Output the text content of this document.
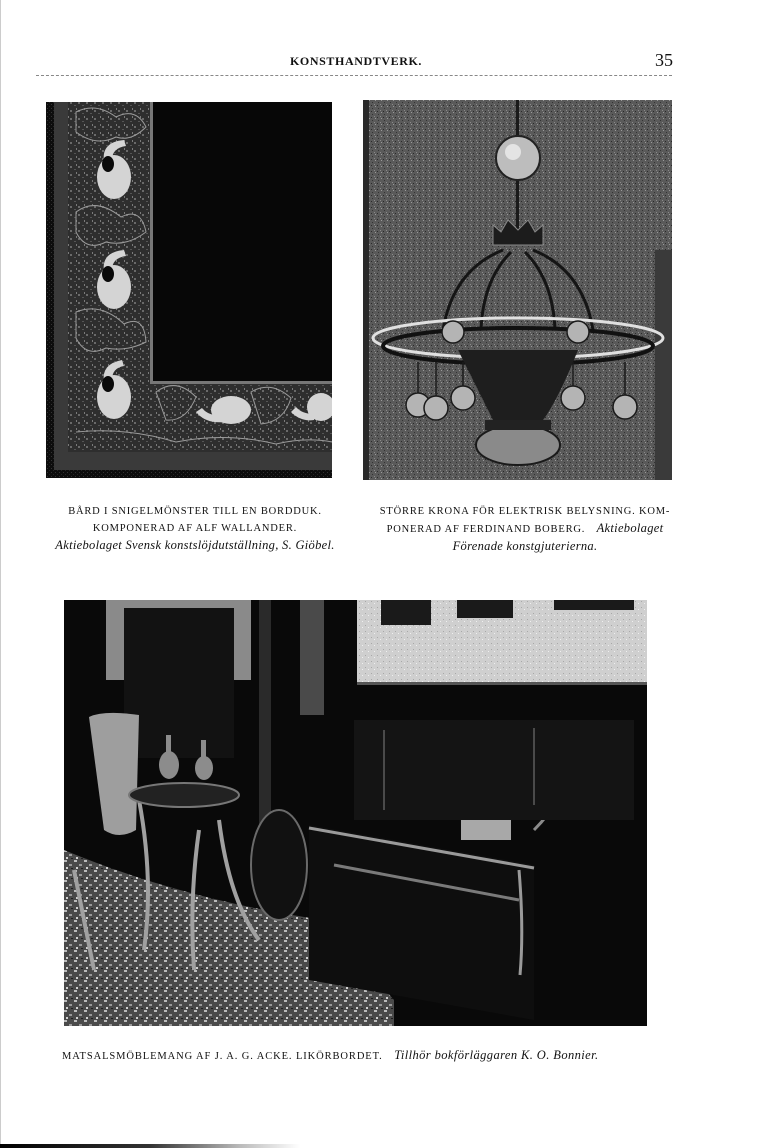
KONSTHANDTVERK.	35
BÅRD I SNIGELMÖNSTER TILL EN BORDDUK.
KOMPONERAD AF ALF WALLANDER.
Aktiebolaget Svensk konstslöjdutställning, S. Giöbel.
STÖRRE KRONA FÖR ELEKTRISK BELYSNING. KOM-
PONERAD AF FERDINAND BOBERG. Aktiebolaget
Förenade konstgjuterierna.
MATSALSMÖBLEMANG AF J. A. G. ACKE. LIKÖRBORDET. Tillhör bokförläggaren K. O. Bonnier.
